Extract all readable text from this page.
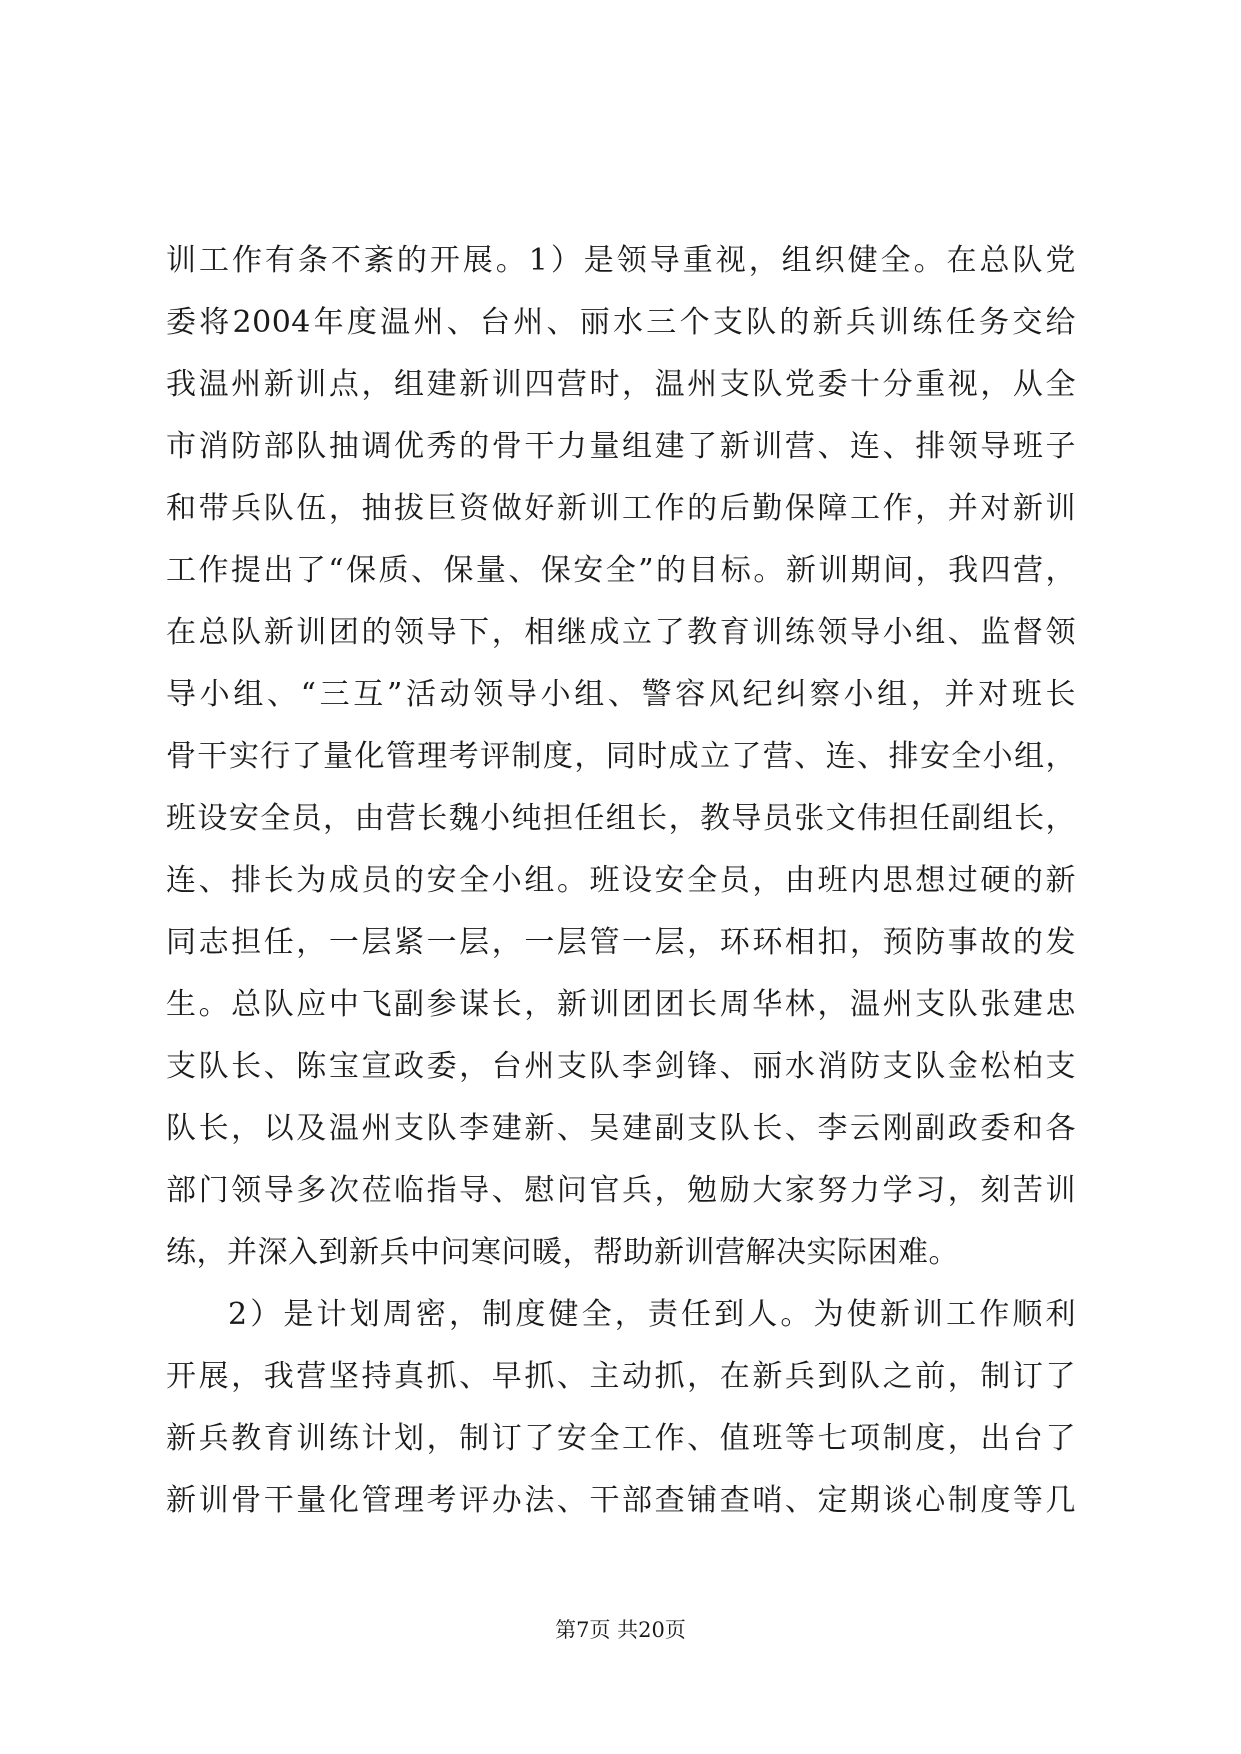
训工作有条不紊的开展。1）是领导重视，组织健全。在总队党
委将2004年度温州、台州、丽水三个支队的新兵训练任务交给
我温州新训点，组建新训四营时，温州支队党委十分重视，从全
市消防部队抽调优秀的骨干力量组建了新训营、连、排领导班子
和带兵队伍，抽拔巨资做好新训工作的后勤保障工作，并对新训
工作提出了“保质、保量、保安全”的目标。新训期间，我四营，
在总队新训团的领导下，相继成立了教育训练领导小组、监督领
导小组、“三互”活动领导小组、警容风纪纠察小组，并对班长
骨干实行了量化管理考评制度，同时成立了营、连、排安全小组，
班设安全员，由营长魏小纯担任组长，教导员张文伟担任副组长，
连、排长为成员的安全小组。班设安全员，由班内思想过硬的新
同志担任，一层紧一层，一层管一层，环环相扣，预防事故的发
生。总队应中飞副参谋长，新训团团长周华林，温州支队张建忠
支队长、陈宝宣政委，台州支队李剑锋、丽水消防支队金松柏支
队长，以及温州支队李建新、吴建副支队长、李云刚副政委和各
部门领导多次莅临指导、慰问官兵，勉励大家努力学习，刻苦训
练，并深入到新兵中问寒问暖，帮助新训营解决实际困难。
2）是计划周密，制度健全，责任到人。为使新训工作顺利
开展，我营坚持真抓、早抓、主动抓，在新兵到队之前，制订了
新兵教育训练计划，制订了安全工作、值班等七项制度，出台了
新训骨干量化管理考评办法、干部查铺查哨、定期谈心制度等几
第7页 共20页
